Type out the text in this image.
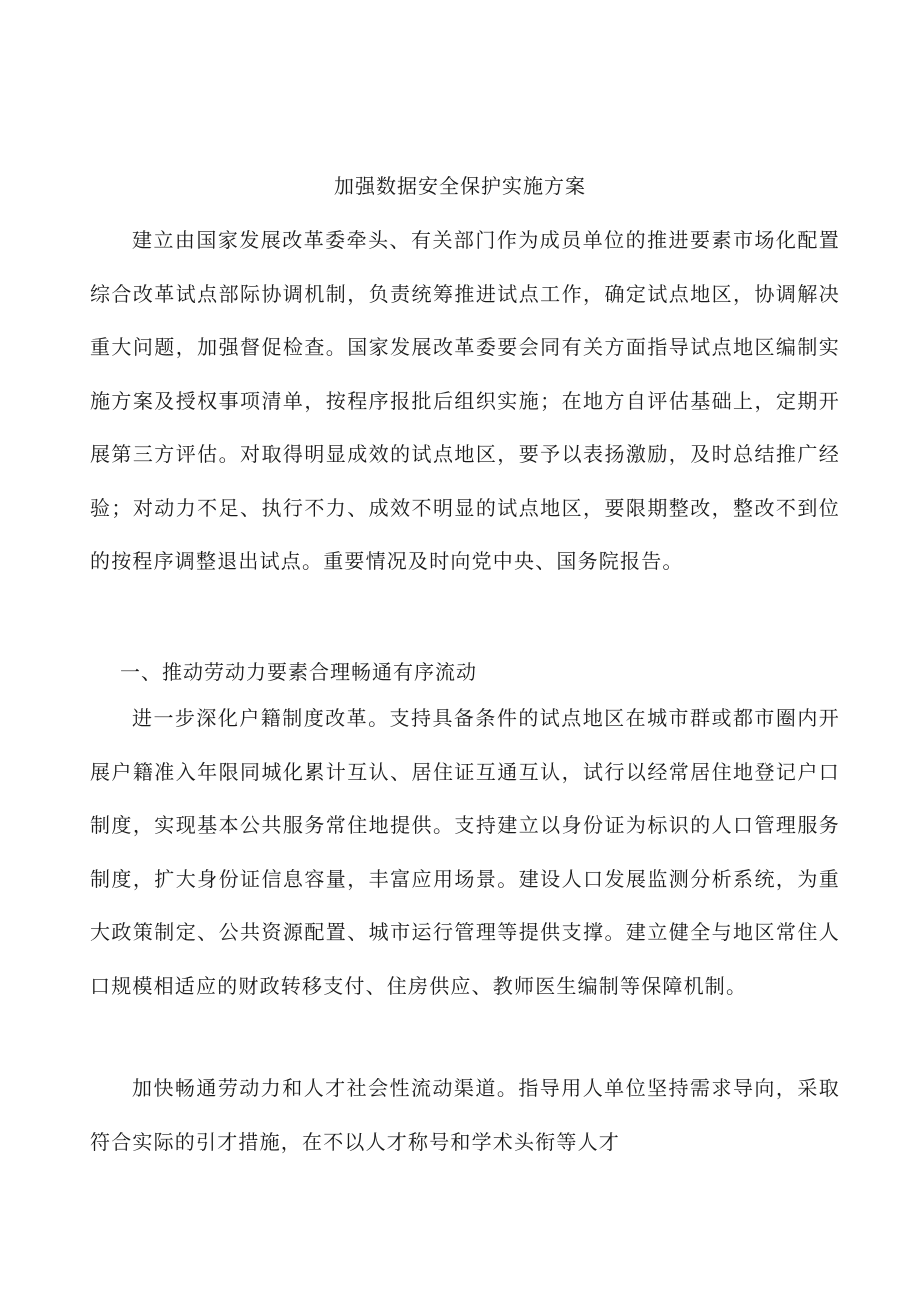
加强数据安全保护实施方案

建立由国家发展改革委牵头、有关部门作为成员单位的推进要素市场化配置综合改革试点部际协调机制，负责统筹推进试点工作，确定试点地区，协调解决重大问题，加强督促检查。国家发展改革委要会同有关方面指导试点地区编制实施方案及授权事项清单，按程序报批后组织实施；在地方自评估基础上，定期开展第三方评估。对取得明显成效的试点地区，要予以表扬激励，及时总结推广经验；对动力不足、执行不力、成效不明显的试点地区，要限期整改，整改不到位的按程序调整退出试点。重要情况及时向党中央、国务院报告。

一、推动劳动力要素合理畅通有序流动

进一步深化户籍制度改革。支持具备条件的试点地区在城市群或都市圈内开展户籍准入年限同城化累计互认、居住证互通互认，试行以经常居住地登记户口制度，实现基本公共服务常住地提供。支持建立以身份证为标识的人口管理服务制度，扩大身份证信息容量，丰富应用场景。建设人口发展监测分析系统，为重大政策制定、公共资源配置、城市运行管理等提供支撑。建立健全与地区常住人口规模相适应的财政转移支付、住房供应、教师医生编制等保障机制。

加快畅通劳动力和人才社会性流动渠道。指导用人单位坚持需求导向，采取符合实际的引才措施，在不以人才称号和学术头衔等人才
